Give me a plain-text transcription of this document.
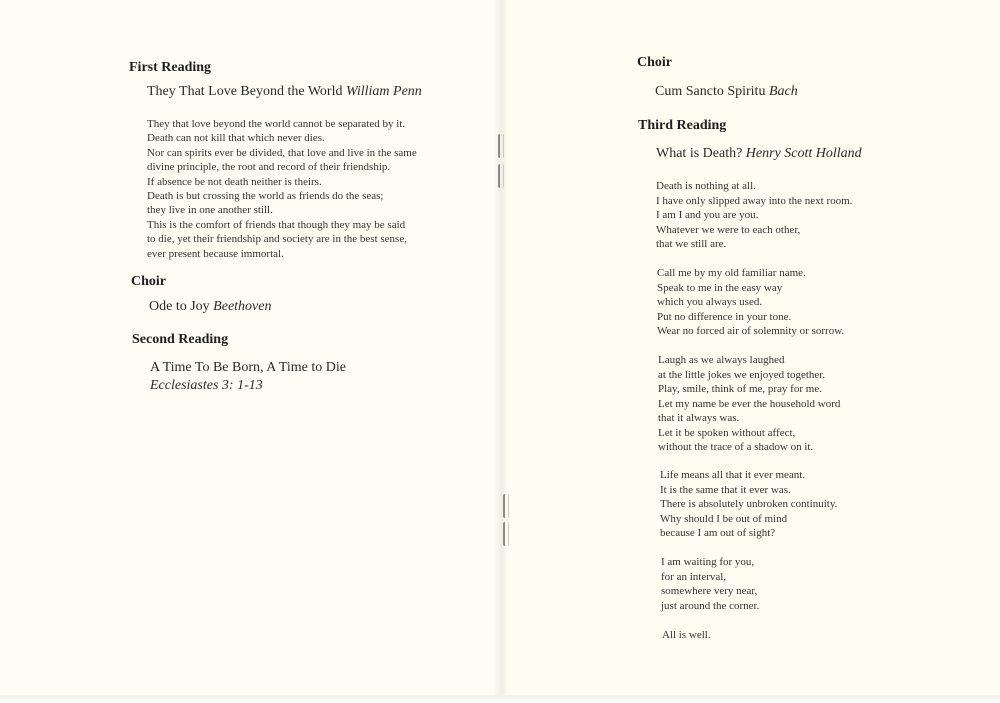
First Reading
They That Love Beyond the World William Penn
They that love beyond the world cannot be separated by it.
Death can not kill that which never dies.
Nor can spirits ever be divided, that love and live in the same
divine principle, the root and record of their friendship.
If absence be not death neither is theirs.
Death is but crossing the world as friends do the seas;
they live in one another still.
This is the comfort of friends that though they may be said
to die, yet their friendship and society are in the best sense,
ever present because immortal.
Choir
Ode to Joy Beethoven
Second Reading
A Time To Be Born, A Time to Die
Ecclesiastes 3: 1-13
Choir
Cum Sancto Spiritu Bach
Third Reading
What is Death? Henry Scott Holland
Death is nothing at all.
I have only slipped away into the next room.
I am I and you are you.
Whatever we were to each other,
that we still are.
Call me by my old familiar name.
Speak to me in the easy way
which you always used.
Put no difference in your tone.
Wear no forced air of solemnity or sorrow.
Laugh as we always laughed
at the little jokes we enjoyed together.
Play, smile, think of me, pray for me.
Let my name be ever the household word
that it always was.
Let it be spoken without affect,
without the trace of a shadow on it.
Life means all that it ever meant.
It is the same that it ever was.
There is absolutely unbroken continuity.
Why should I be out of mind
because I am out of sight?
I am waiting for you,
for an interval,
somewhere very near,
just around the corner.
All is well.
